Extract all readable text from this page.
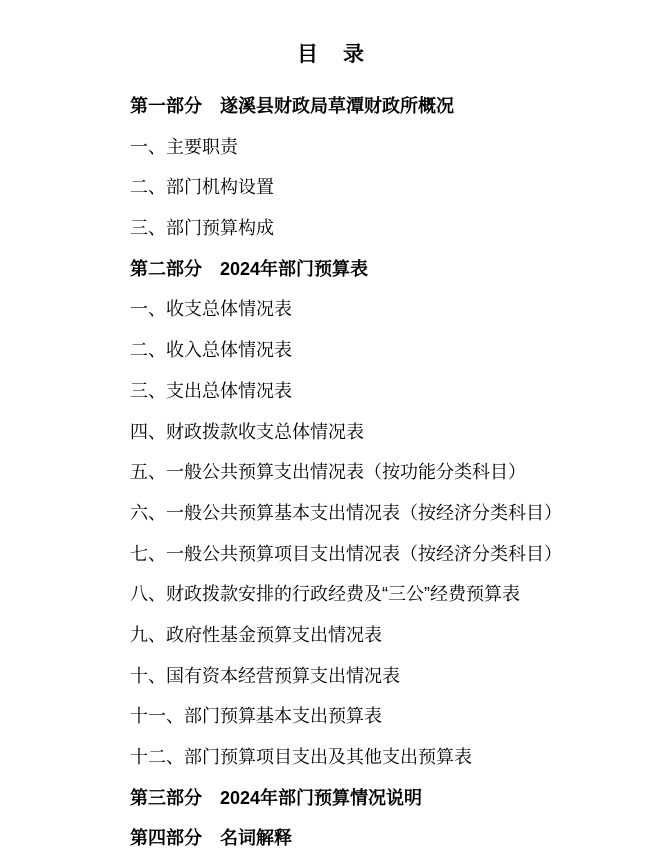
目　录

第一部分　遂溪县财政局草潭财政所概况

一、主要职责

二、部门机构设置

三、部门预算构成

第二部分　2024年部门预算表

一、收支总体情况表

二、收入总体情况表

三、支出总体情况表

四、财政拨款收支总体情况表

五、一般公共预算支出情况表（按功能分类科目）

六、一般公共预算基本支出情况表（按经济分类科目）

七、一般公共预算项目支出情况表（按经济分类科目）

八、财政拨款安排的行政经费及“三公”经费预算表

九、政府性基金预算支出情况表

十、国有资本经营预算支出情况表

十一、部门预算基本支出预算表

十二、部门预算项目支出及其他支出预算表

第三部分　2024年部门预算情况说明

第四部分　名词解释
